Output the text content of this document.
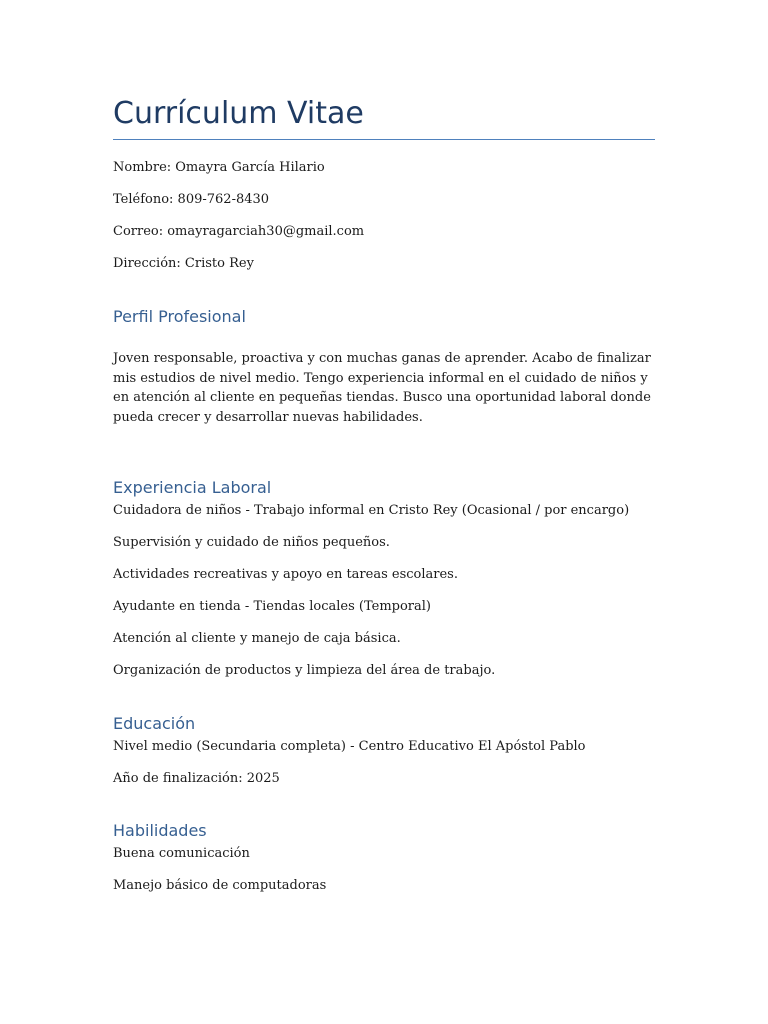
Currículum Vitae
Nombre: Omayra García Hilario
Teléfono: 809-762-8430
Correo: omayragarciah30@gmail.com
Dirección: Cristo Rey
Perfil Profesional

Joven responsable, proactiva y con muchas ganas de aprender. Acabo de finalizar mis estudios de nivel medio. Tengo experiencia informal en el cuidado de niños y en atención al cliente en pequeñas tiendas. Busco una oportunidad laboral donde pueda crecer y desarrollar nuevas habilidades.

Experiencia Laboral
Cuidadora de niños - Trabajo informal en Cristo Rey (Ocasional / por encargo)
Supervisión y cuidado de niños pequeños.
Actividades recreativas y apoyo en tareas escolares.
Ayudante en tienda - Tiendas locales (Temporal)
Atención al cliente y manejo de caja básica.
Organización de productos y limpieza del área de trabajo.
Educación
Nivel medio (Secundaria completa) - Centro Educativo El Apóstol Pablo
Año de finalización: 2025
Habilidades
Buena comunicación
Manejo básico de computadoras
